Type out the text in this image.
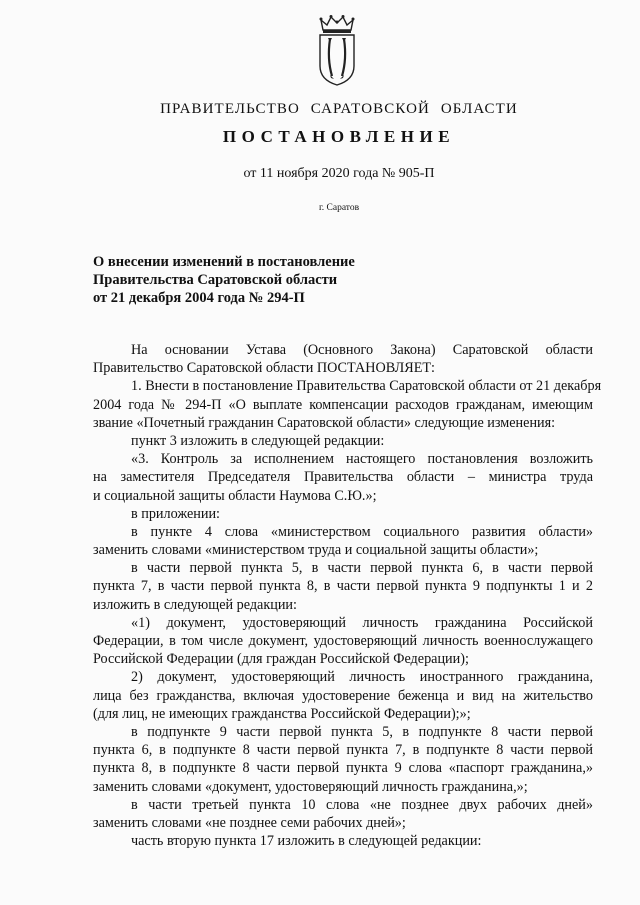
ПРАВИТЕЛЬСТВО САРАТОВСКОЙ ОБЛАСТИ
ПОСТАНОВЛЕНИЕ
от 11 ноября 2020 года № 905-П
г. Саратов
О внесении изменений в постановление
Правительства Саратовской области
от 21 декабря 2004 года № 294-П
На основании Устава (Основного Закона) Саратовской области
Правительство Саратовской области ПОСТАНОВЛЯЕТ:
1. Внести в постановление Правительства Саратовской области от 21 декабря
2004 года № 294-П «О выплате компенсации расходов гражданам, имеющим
звание «Почетный гражданин Саратовской области» следующие изменения:
пункт 3 изложить в следующей редакции:
«3. Контроль за исполнением настоящего постановления возложить
на заместителя Председателя Правительства области – министра труда
и социальной защиты области Наумова С.Ю.»;
в приложении:
в пункте 4 слова «министерством социального развития области»
заменить словами «министерством труда и социальной защиты области»;
в части первой пункта 5, в части первой пункта 6, в части первой
пункта 7, в части первой пункта 8, в части первой пункта 9 подпункты 1 и 2
изложить в следующей редакции:
«1) документ, удостоверяющий личность гражданина Российской
Федерации, в том числе документ, удостоверяющий личность военнослужащего
Российской Федерации (для граждан Российской Федерации);
2) документ, удостоверяющий личность иностранного гражданина,
лица без гражданства, включая удостоверение беженца и вид на жительство
(для лиц, не имеющих гражданства Российской Федерации);»;
в подпункте 9 части первой пункта 5, в подпункте 8 части первой
пункта 6, в подпункте 8 части первой пункта 7, в подпункте 8 части первой
пункта 8, в подпункте 8 части первой пункта 9 слова «паспорт гражданина,»
заменить словами «документ, удостоверяющий личность гражданина,»;
в части третьей пункта 10 слова «не позднее двух рабочих дней»
заменить словами «не позднее семи рабочих дней»;
часть вторую пункта 17 изложить в следующей редакции:
